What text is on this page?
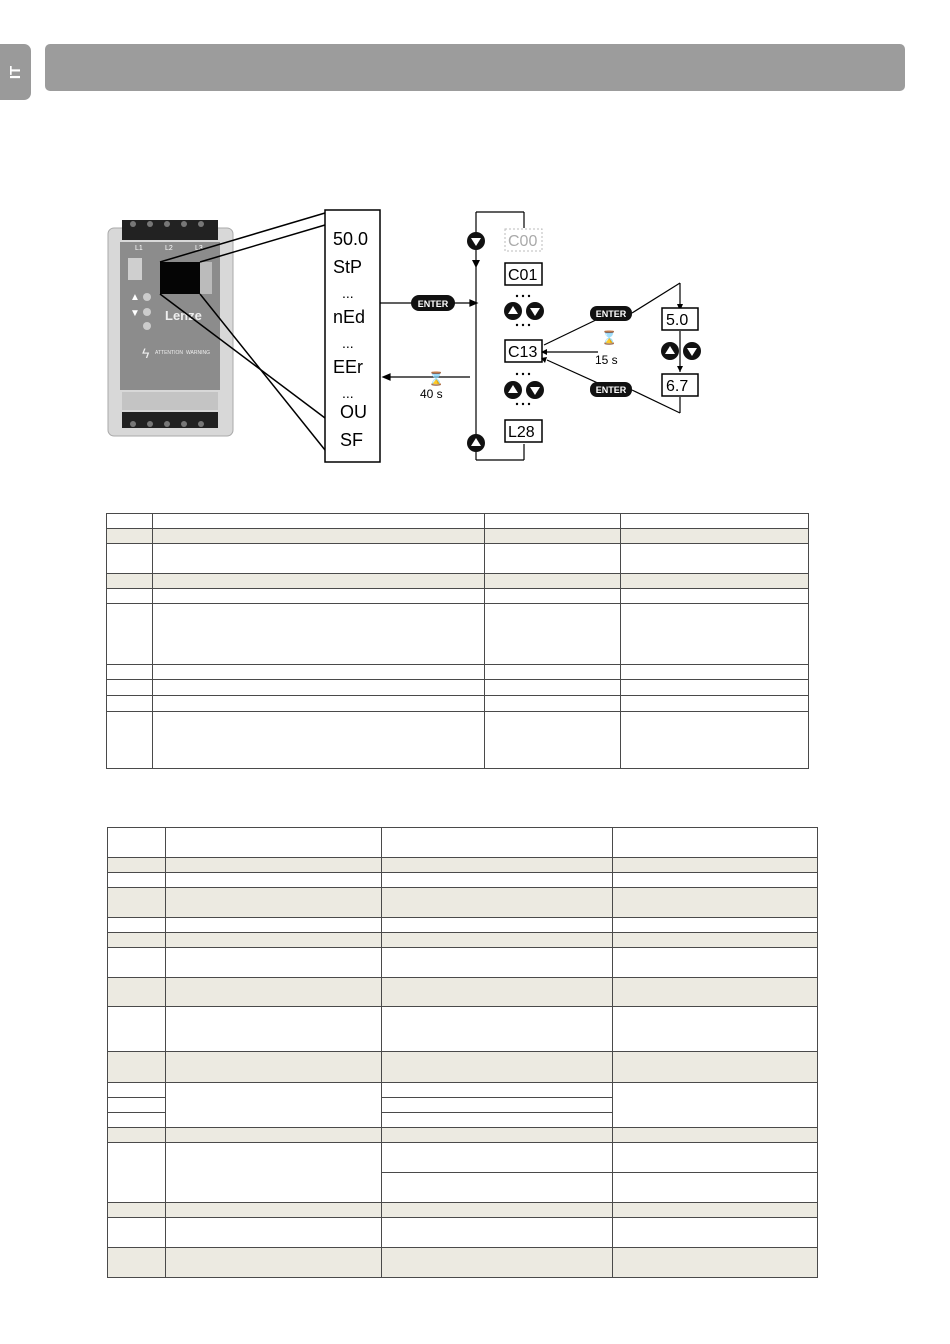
IT
L1	L2	L3
▲
▼ Lenze
ϟ ATTENTION WARNING
50.0
StP
...
nEd
...
EEr
...
OU
SF
ENTER
⌛
40 s
C00
C01
C13
L28
ENTER
ENTER
⌛
15 s
5.0
6.7
